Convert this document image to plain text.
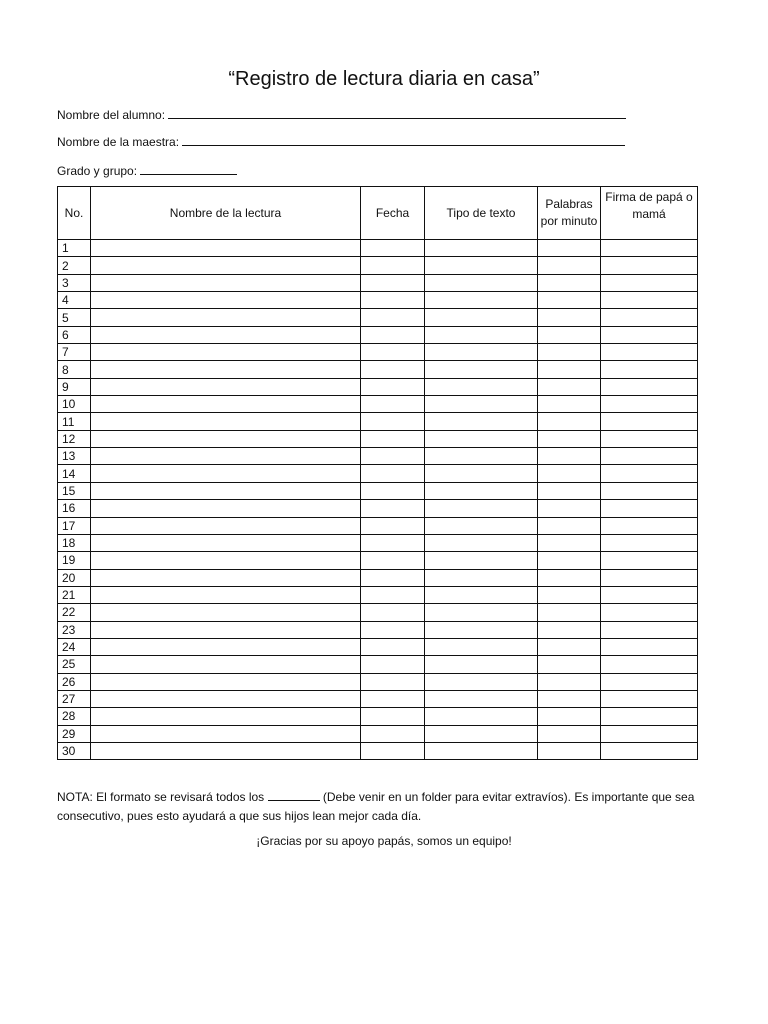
“Registro de lectura diaria en casa”
Nombre del alumno:
Nombre de la maestra:
Grado y grupo:
No.	Nombre de la lectura	Fecha	Tipo de texto	Palabras por minuto	Firma de papá o mamá
1					
2					
3					
4					
5					
6					
7					
8					
9					
10					
11					
12					
13					
14					
15					
16					
17					
18					
19					
20					
21					
22					
23					
24					
25					
26					
27					
28					
29					
30					
NOTA: El formato se revisará todos los	(Debe venir en un folder para evitar extravíos). Es importante que sea consecutivo, pues esto ayudará a que sus hijos lean mejor cada día.
¡Gracias por su apoyo papás, somos un equipo!
